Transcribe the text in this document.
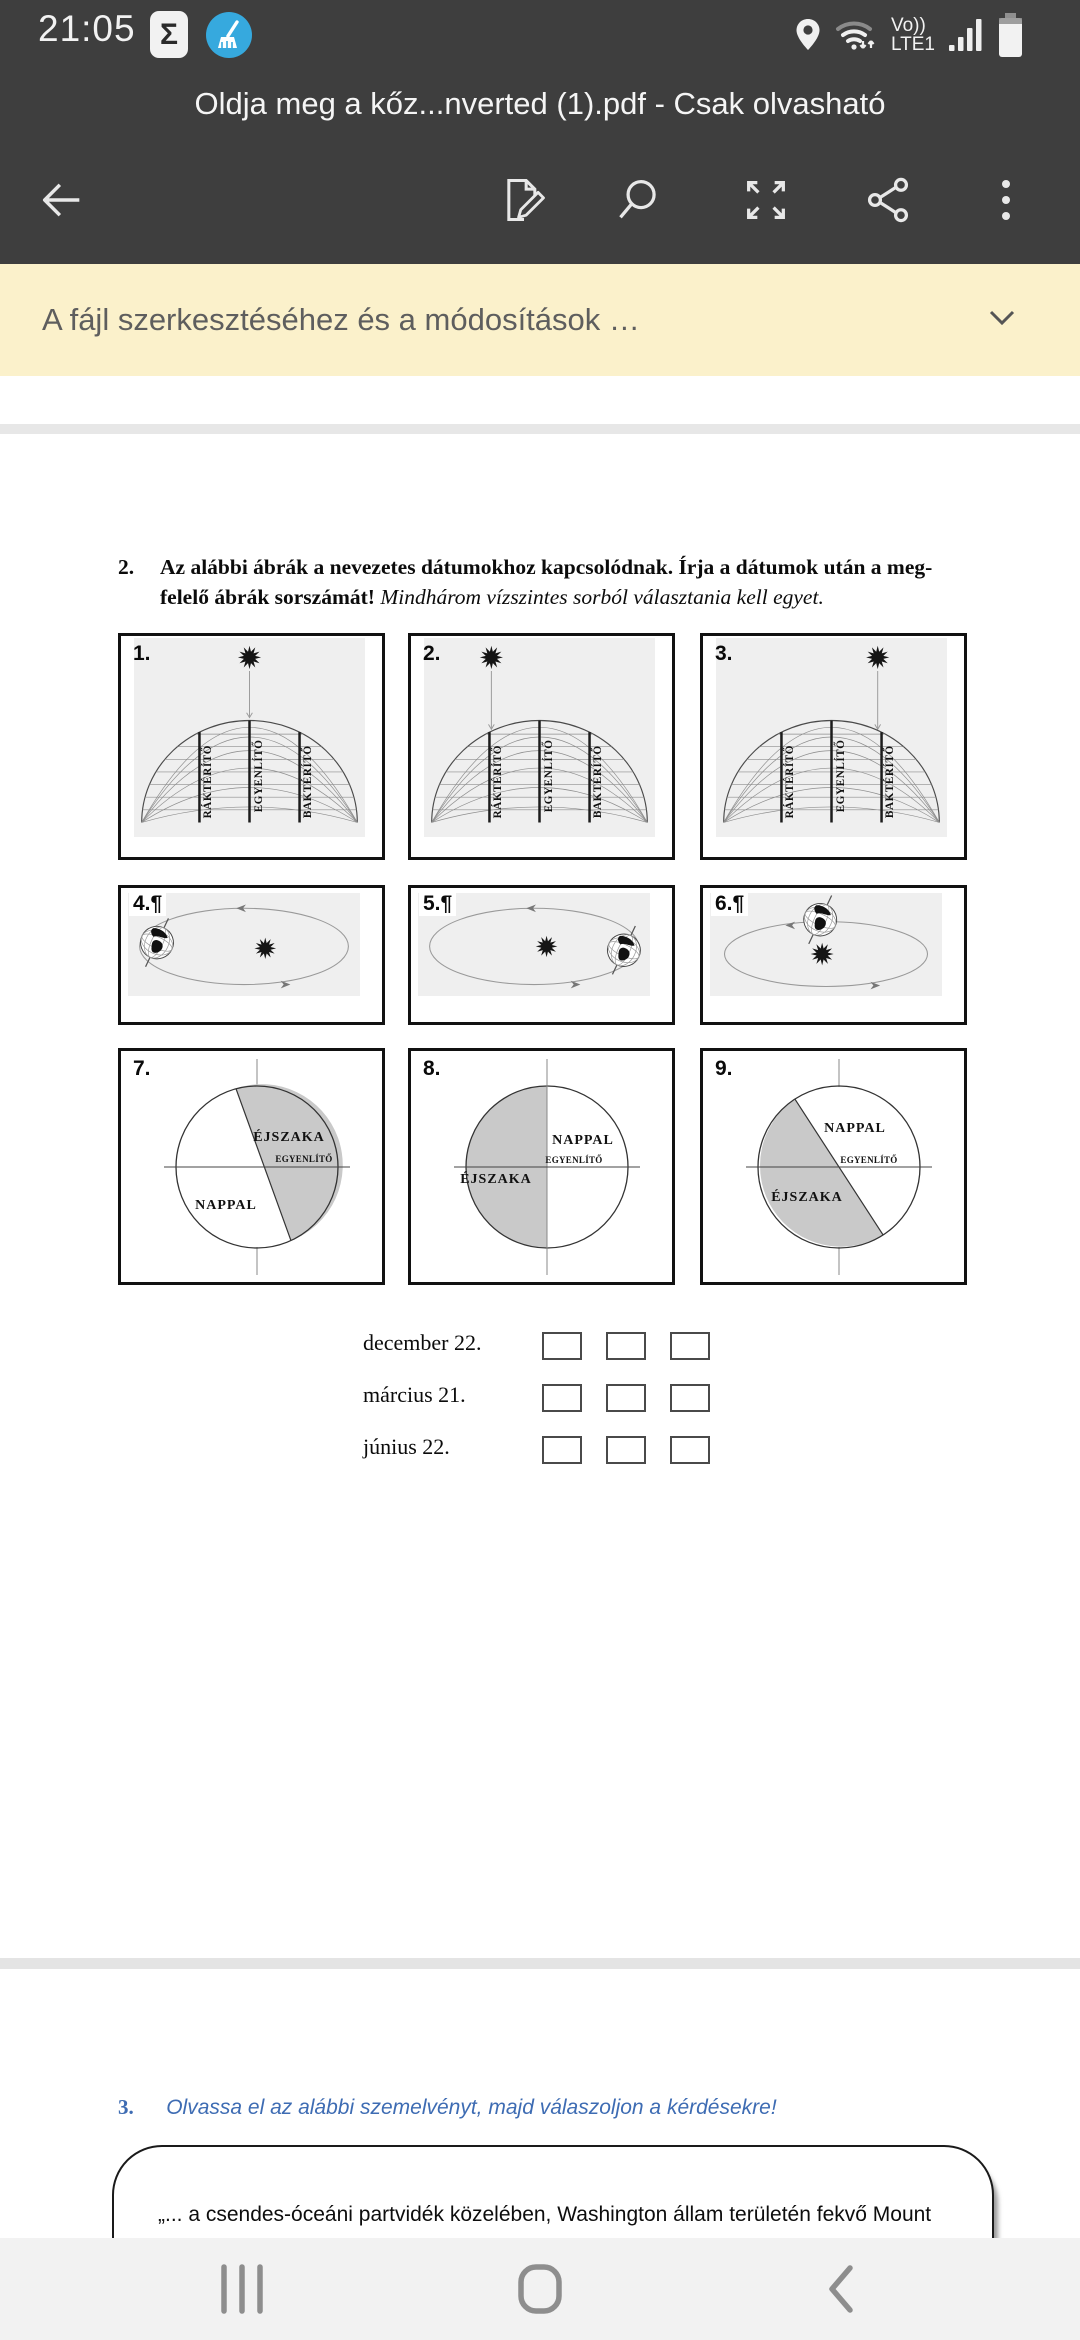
21:05 Σ	Vo))
LTE1
Oldja meg a kőz...nverted (1).pdf - Csak olvasható
A fájl szerkesztéséhez és a módosítások …
2. Az alábbi ábrák a nevezetes dátumokhoz kapcsolódnak. Írja a dátumok után a meg-
felelő ábrák sorszámát! Mindhárom vízszintes sorból választania kell egyet.
1.
RÁKTÉRÍTŐ	EGYENLÍTŐ	BAKTÉRÍTŐ
2.
RÁKTÉRÍTŐ	EGYENLÍTŐ	BAKTÉRÍTŐ
3.
RÁKTÉRÍTŐ	EGYENLÍTŐ	BAKTÉRÍTŐ
4.¶	5.¶	6.¶
7.
ÉJSZAKA
EGYENLÍTŐ
NAPPAL
8.
NAPPAL
EGYENLÍTŐ
ÉJSZAKA
9.
NAPPAL
EGYENLÍTŐ
ÉJSZAKA
december 22.
március 21.
június 22.
3. Olvassa el az alábbi szemelvényt, majd válaszoljon a kérdésekre!
„... a csendes-óceáni partvidék közelében, Washington állam területén fekvő Mount
